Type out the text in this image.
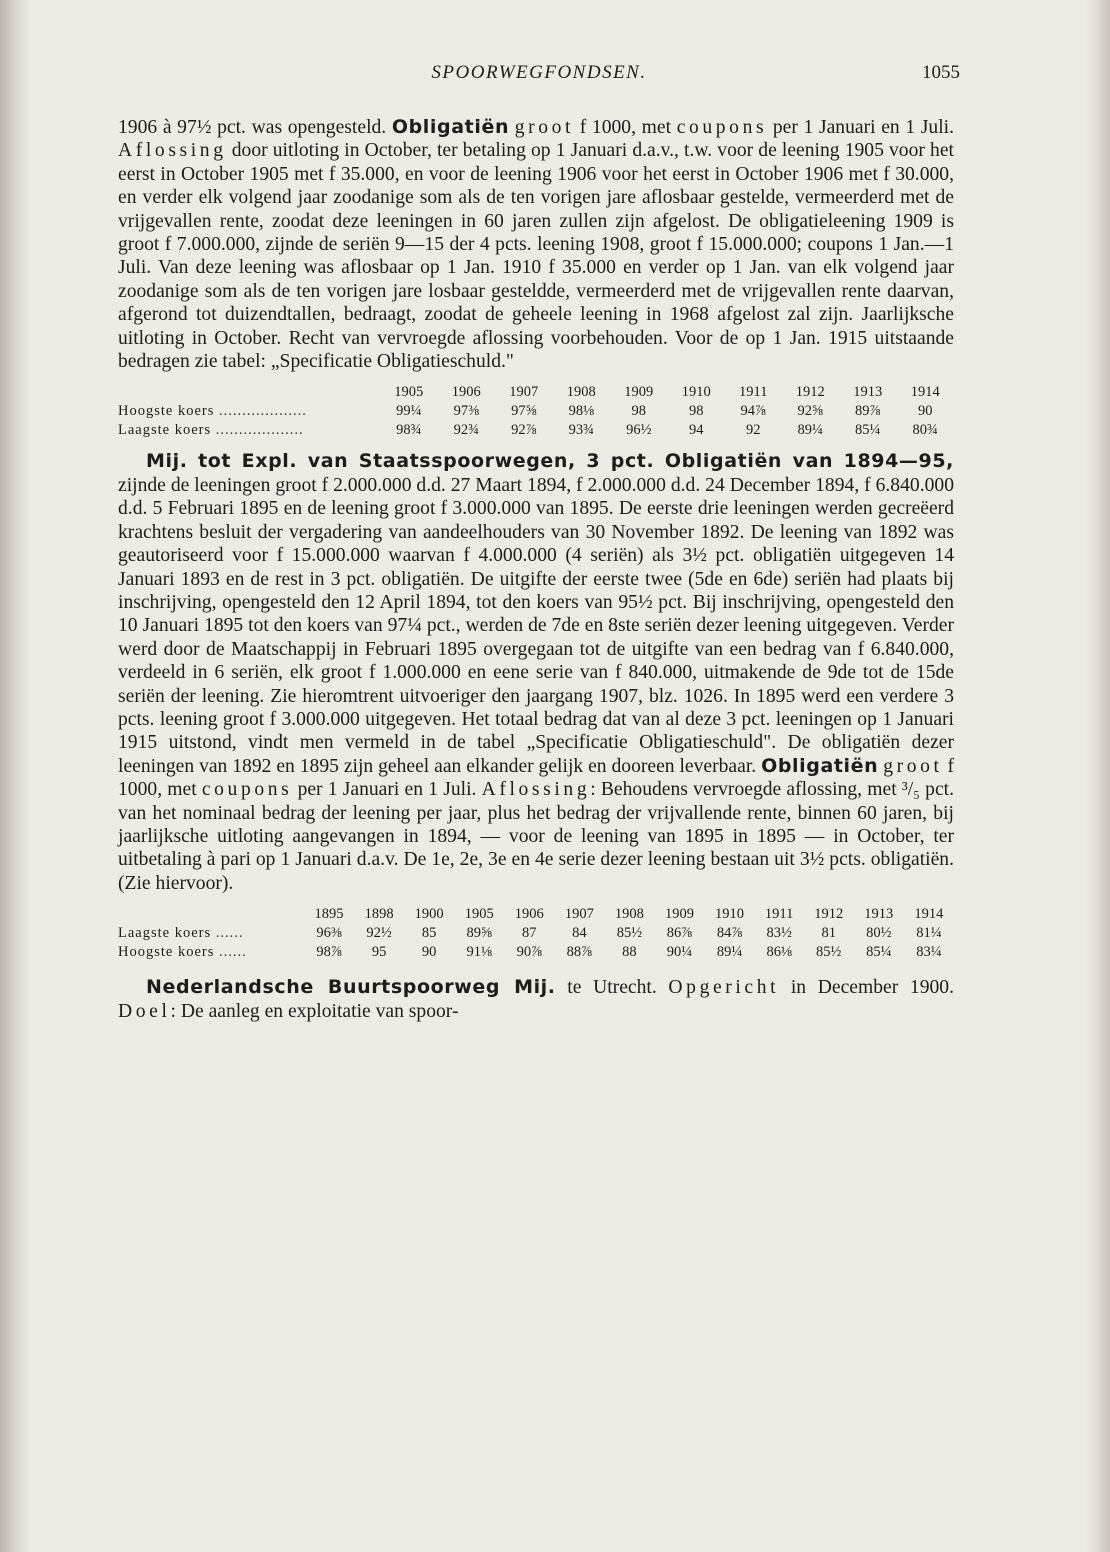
SPOORWEGFONDSEN.	1055

1906 à 97½ pct. was opengesteld. Obligatiën groot f 1000, met coupons per 1 Januari en 1 Juli. Aflossing door uitloting in October, ter betaling op 1 Januari d.a.v., t.w. voor de leening 1905 voor het eerst in October 1905 met f 35.000, en voor de leening 1906 voor het eerst in October 1906 met f 30.000, en verder elk volgend jaar zoodanige som als de ten vorigen jare aflosbaar gestelde, vermeerderd met de vrijgevallen rente, zoodat deze leeningen in 60 jaren zullen zijn afgelost. De obligatieleening 1909 is groot f 7.000.000, zijnde de seriën 9—15 der 4 pcts. leening 1908, groot f 15.000.000; coupons 1 Jan.—1 Juli. Van deze leening was aflosbaar op 1 Jan. 1910 f 35.000 en verder op 1 Jan. van elk volgend jaar zoodanige som als de ten vorigen jare losbaar gesteldde, vermeerderd met de vrijgevallen rente daarvan, afgerond tot duizendtallen, bedraagt, zoodat de geheele leening in 1968 afgelost zal zijn. Jaarlijksche uitloting in October. Recht van vervroegde aflossing voorbehouden. Voor de op 1 Jan. 1915 uitstaande bedragen zie tabel: „Specificatie Obligatieschuld."

	1905	1906	1907	1908	1909	1910	1911	1912	1913	1914
Hoogste koers ...................	99¼	97⅜	97⅝	98⅛	98	98	94⅞	92⅝	89⅞	90
Laagste koers ...................	98¾	92¾	92⅞	93¾	96½	94	92	89¼	85¼	80¾

Mij. tot Expl. van Staatsspoorwegen, 3 pct. Obligatiën van 1894—95, zijnde de leeningen groot f 2.000.000 d.d. 27 Maart 1894, f 2.000.000 d.d. 24 December 1894, f 6.840.000 d.d. 5 Februari 1895 en de leening groot f 3.000.000 van 1895. De eerste drie leeningen werden gecreëerd krachtens besluit der vergadering van aandeelhouders van 30 November 1892. De leening van 1892 was geautoriseerd voor f 15.000.000 waarvan f 4.000.000 (4 seriën) als 3½ pct. obligatiën uitgegeven 14 Januari 1893 en de rest in 3 pct. obligatiën. De uitgifte der eerste twee (5de en 6de) seriën had plaats bij inschrijving, opengesteld den 12 April 1894, tot den koers van 95½ pct. Bij inschrijving, opengesteld den 10 Januari 1895 tot den koers van 97¼ pct., werden de 7de en 8ste seriën dezer leening uitgegeven. Verder werd door de Maatschappij in Februari 1895 overgegaan tot de uitgifte van een bedrag van f 6.840.000, verdeeld in 6 seriën, elk groot f 1.000.000 en eene serie van f 840.000, uitmakende de 9de tot de 15de seriën der leening. Zie hieromtrent uitvoeriger den jaargang 1907, blz. 1026. In 1895 werd een verdere 3 pcts. leening groot f 3.000.000 uitgegeven. Het totaal bedrag dat van al deze 3 pct. leeningen op 1 Januari 1915 uitstond, vindt men vermeld in de tabel „Specificatie Obligatieschuld". De obligatiën dezer leeningen van 1892 en 1895 zijn geheel aan elkander gelijk en dooreen leverbaar. Obligatiën groot f 1000, met coupons per 1 Januari en 1 Juli. Aflossing: Behoudens vervroegde aflossing, met ³/₅ pct. van het nominaal bedrag der leening per jaar, plus het bedrag der vrijvallende rente, binnen 60 jaren, bij jaarlijksche uitloting aangevangen in 1894, — voor de leening van 1895 in 1895 — in October, ter uitbetaling à pari op 1 Januari d.a.v. De 1e, 2e, 3e en 4e serie dezer leening bestaan uit 3½ pcts. obligatiën. (Zie hiervoor).

	1895	1898	1900	1905	1906	1907	1908	1909	1910	1911	1912	1913	1914
Laagste koers ......	96⅜	92½	85	89⅝	87	84	85½	86⅞	84⅞	83½	81	80½	81¼
Hoogste koers ......	98⅞	95	90	91⅛	90⅞	88⅞	88	90¼	89¼	86⅛	85½	85¼	83¼

Nederlandsche Buurtspoorweg Mij. te Utrecht. Opgericht in December 1900. Doel: De aanleg en exploitatie van spoor-
